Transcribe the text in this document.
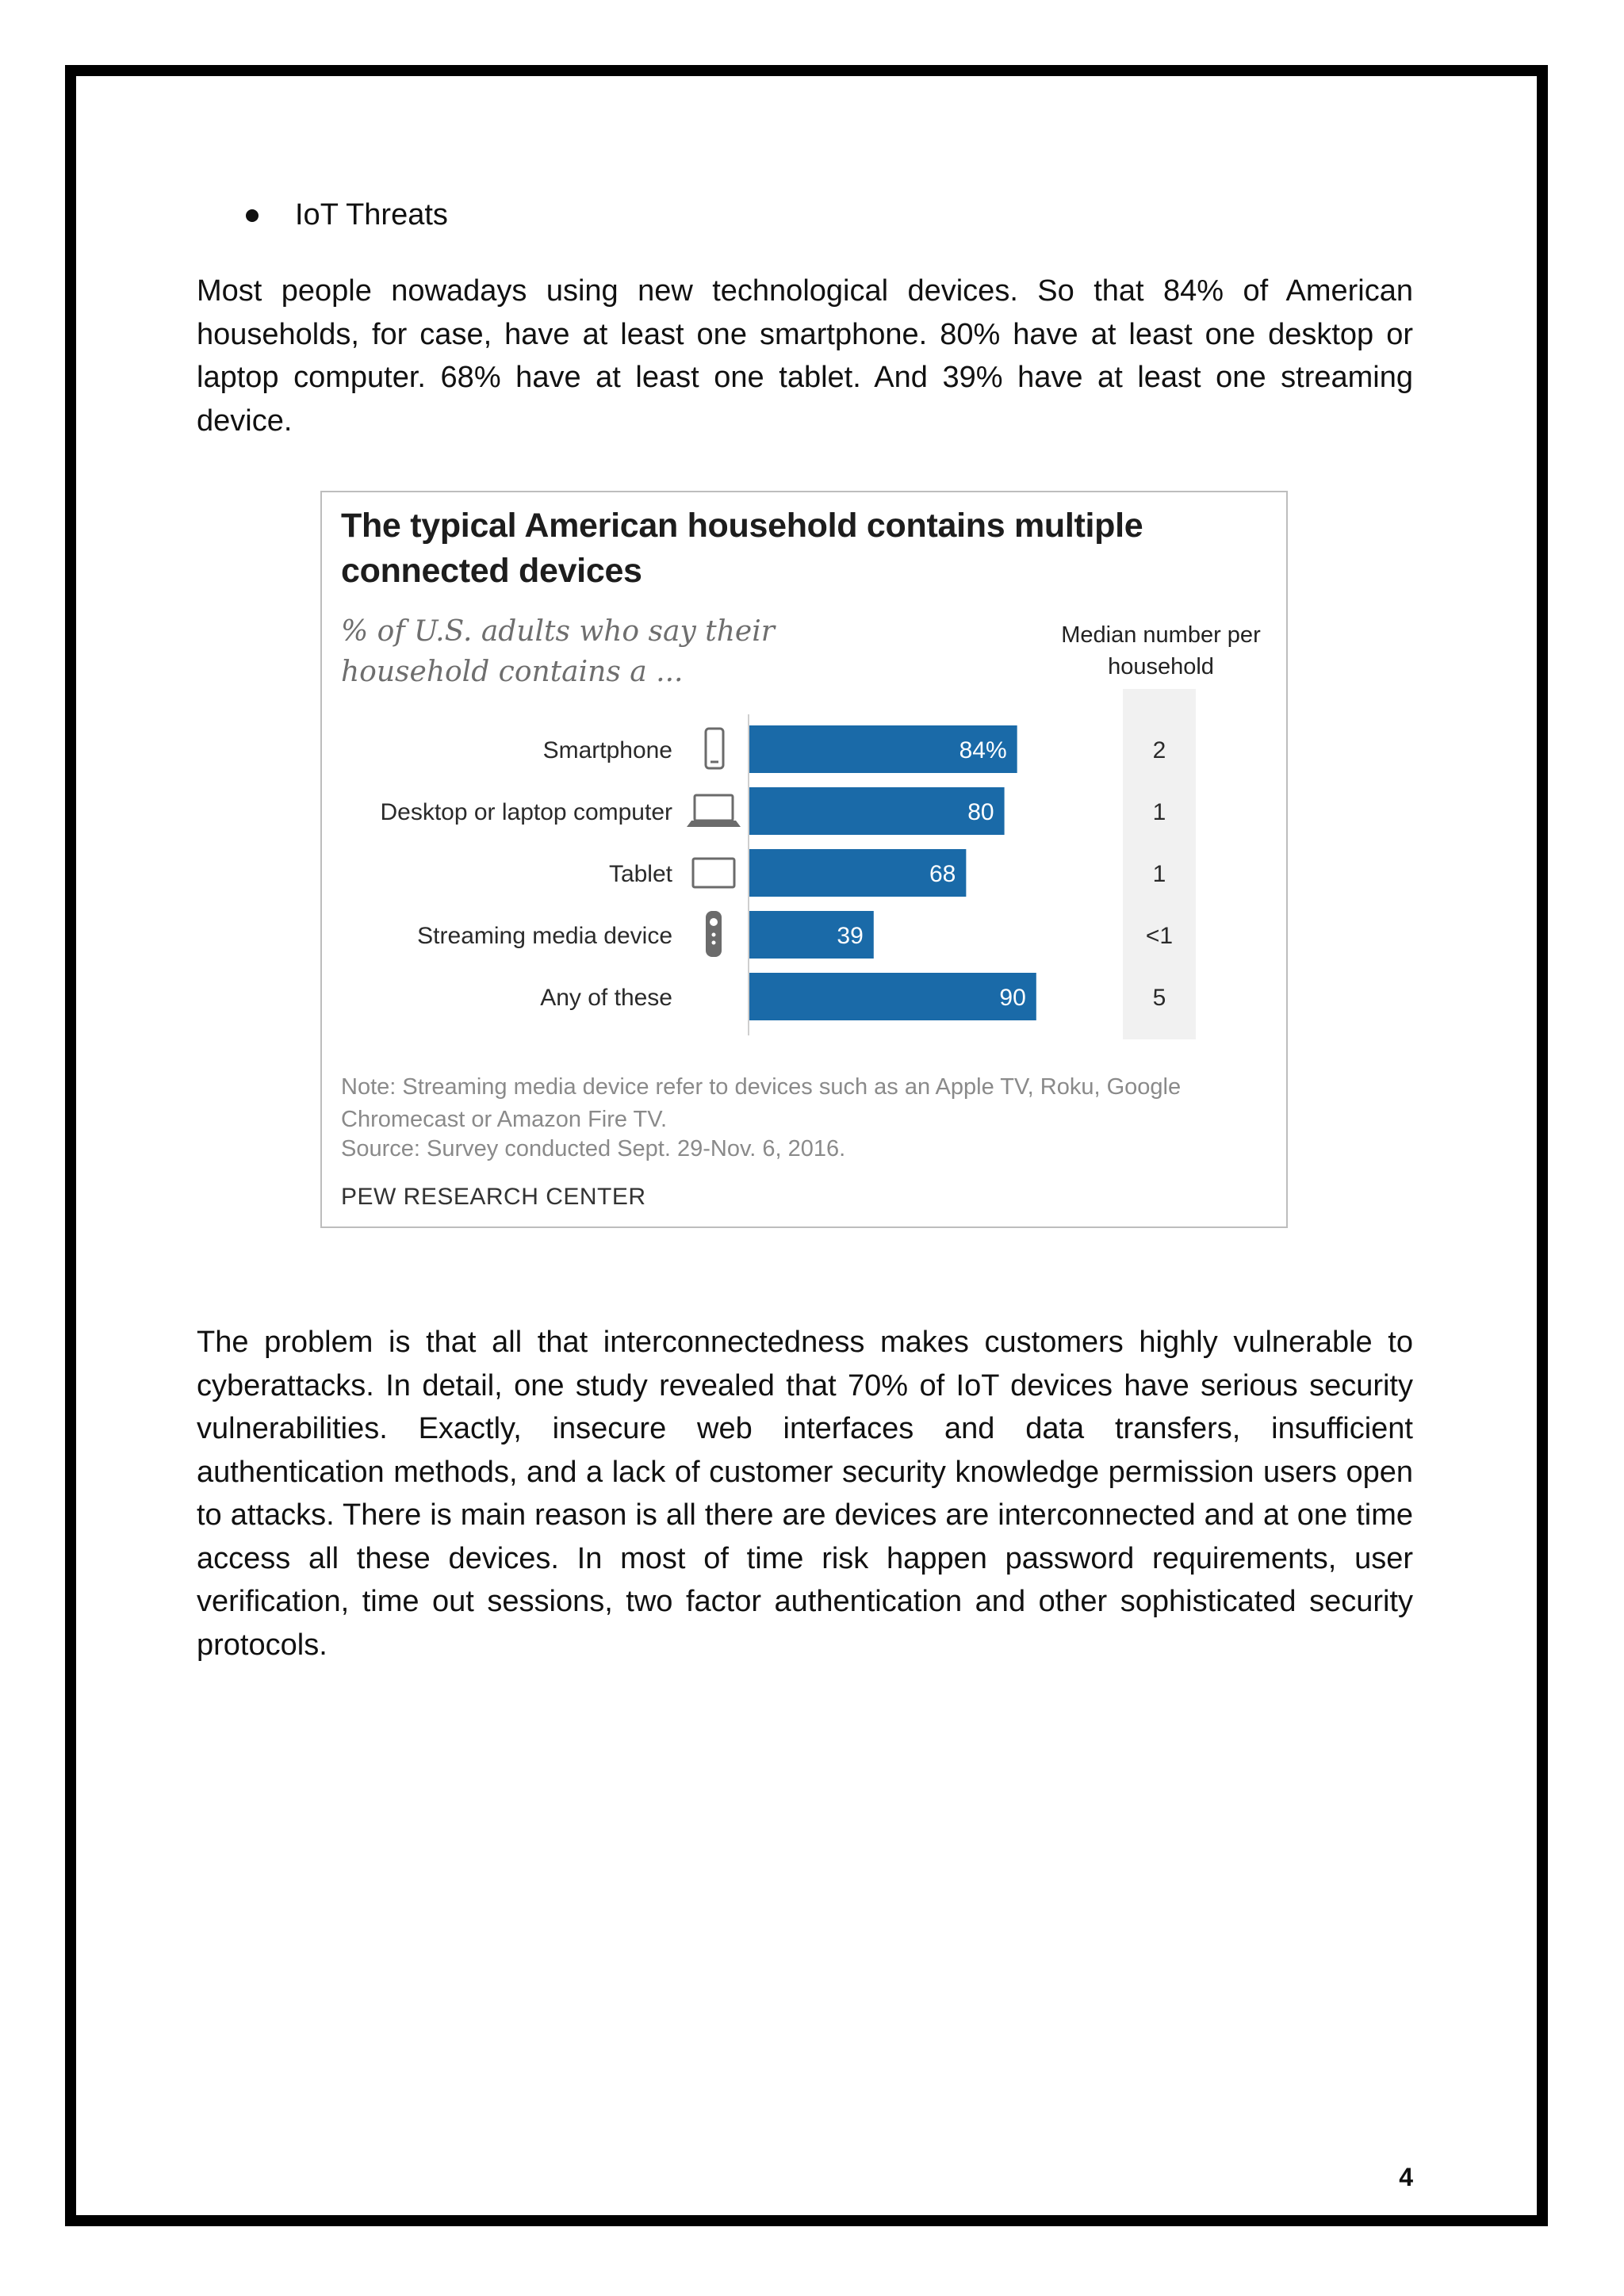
IoT Threats
Most people nowadays using new technological devices. So that 84% of American households, for case, have at least one smartphone. 80% have at least one desktop or laptop computer. 68% have at least one tablet. And 39% have at least one streaming device.
The typical American household contains multiple connected devices
% of U.S. adults who say their household contains a ...
Median number per household
Smartphone	84%	2
Desktop or laptop computer	80	1
Tablet	68	1
Streaming media device	39	<1
Any of these	90	5
Note: Streaming media device refer to devices such as an Apple TV, Roku, Google Chromecast or Amazon Fire TV.
Source: Survey conducted Sept. 29-Nov. 6, 2016.
PEW RESEARCH CENTER
The problem is that all that interconnectedness makes customers highly vulnerable to cyberattacks. In detail, one study revealed that 70% of IoT devices have serious security vulnerabilities. Exactly, insecure web interfaces and data transfers, insufficient authentication methods, and a lack of customer security knowledge permission users open to attacks. There is main reason is all there are devices are interconnected and at one time access all these devices. In most of time risk happen password requirements, user verification, time out sessions, two factor authentication and other sophisticated security protocols.
4
